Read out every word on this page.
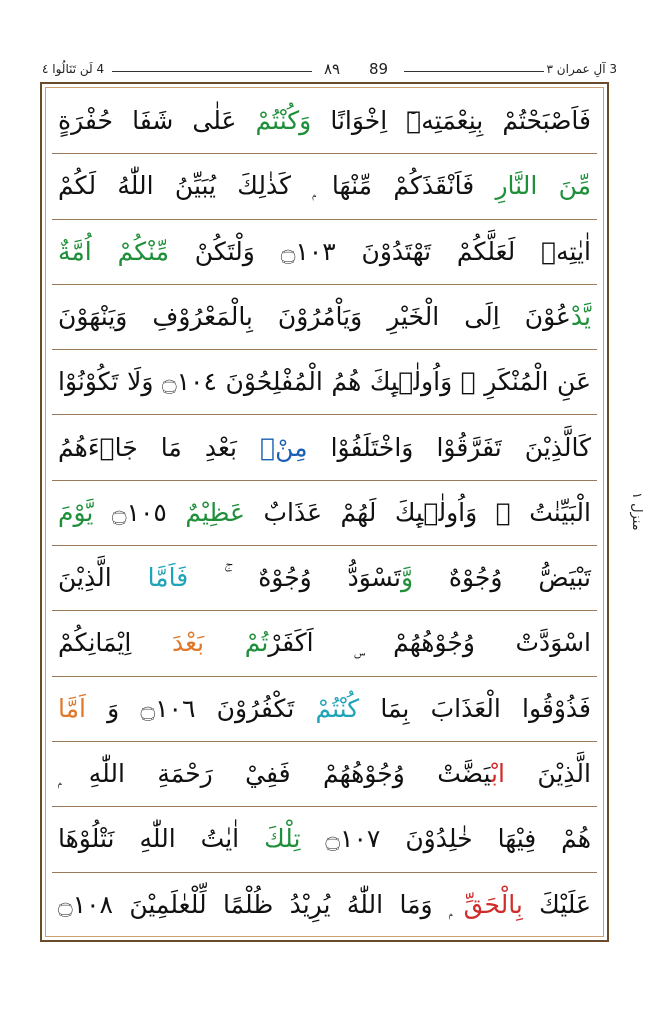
4 لَن تَنَالُوا ٤	٨٩ 89	3 آلِ عمران ٣
فَاَصْبَحْتُمْ بِنِعْمَتِهٖٓ اِخْوَانًا وَكُنْتُمْ عَلٰى شَفَا حُفْرَةٍ
مِّنَ النَّارِ فَاَنْقَذَكُمْ مِّنْهَا ۭ كَذٰلِكَ يُبَيِّنُ اللّٰهُ لَكُمْ
اٰيٰتِهٖ لَعَلَّكُمْ تَهْتَدُوْنَ ۝١٠٣ وَلْتَكُنْ مِّنْكُمْ اُمَّةٌ
يَّدْعُوْنَ اِلَى الْخَيْرِ وَيَاْمُرُوْنَ بِالْمَعْرُوْفِ وَيَنْهَوْنَ
عَنِ الْمُنْكَرِ ۭ وَاُولٰۗىِٕكَ هُمُ الْمُفْلِحُوْنَ ۝١٠٤ وَلَا تَكُوْنُوْا
كَالَّذِيْنَ تَفَرَّقُوْا وَاخْتَلَفُوْا مِنْۢ بَعْدِ مَا جَاۗءَھُمُ
الْبَيِّنٰتُ ۭ وَاُولٰۗىِٕكَ لَھُمْ عَذَابٌ عَظِيْمٌ ۝١٠٥ يَّوْمَ
تَبْيَضُّ وُجُوْهٌ وَّتَسْوَدُّ وُجُوْهٌ ۚ فَاَمَّا الَّذِيْنَ
اسْوَدَّتْ وُجُوْھُھُمْ ۣ اَكَفَرْتُمْ بَعْدَ اِيْمَانِكُمْ
فَذُوْقُوا الْعَذَابَ بِمَا كُنْتُمْ تَكْفُرُوْنَ ۝١٠٦ وَ اَمَّا
الَّذِيْنَ ابْيَضَّتْ وُجُوْھُھُمْ فَفِيْ رَحْمَةِ اللّٰهِ ۭ
ھُمْ فِيْھَا خٰلِدُوْنَ ۝١٠٧ تِلْكَ اٰيٰتُ اللّٰهِ نَتْلُوْھَا
عَلَيْكَ بِالْحَقِّ ۭ وَمَا اللّٰهُ يُرِيْدُ ظُلْمًا لِّلْعٰلَمِيْنَ ۝١٠٨
منزل ١
